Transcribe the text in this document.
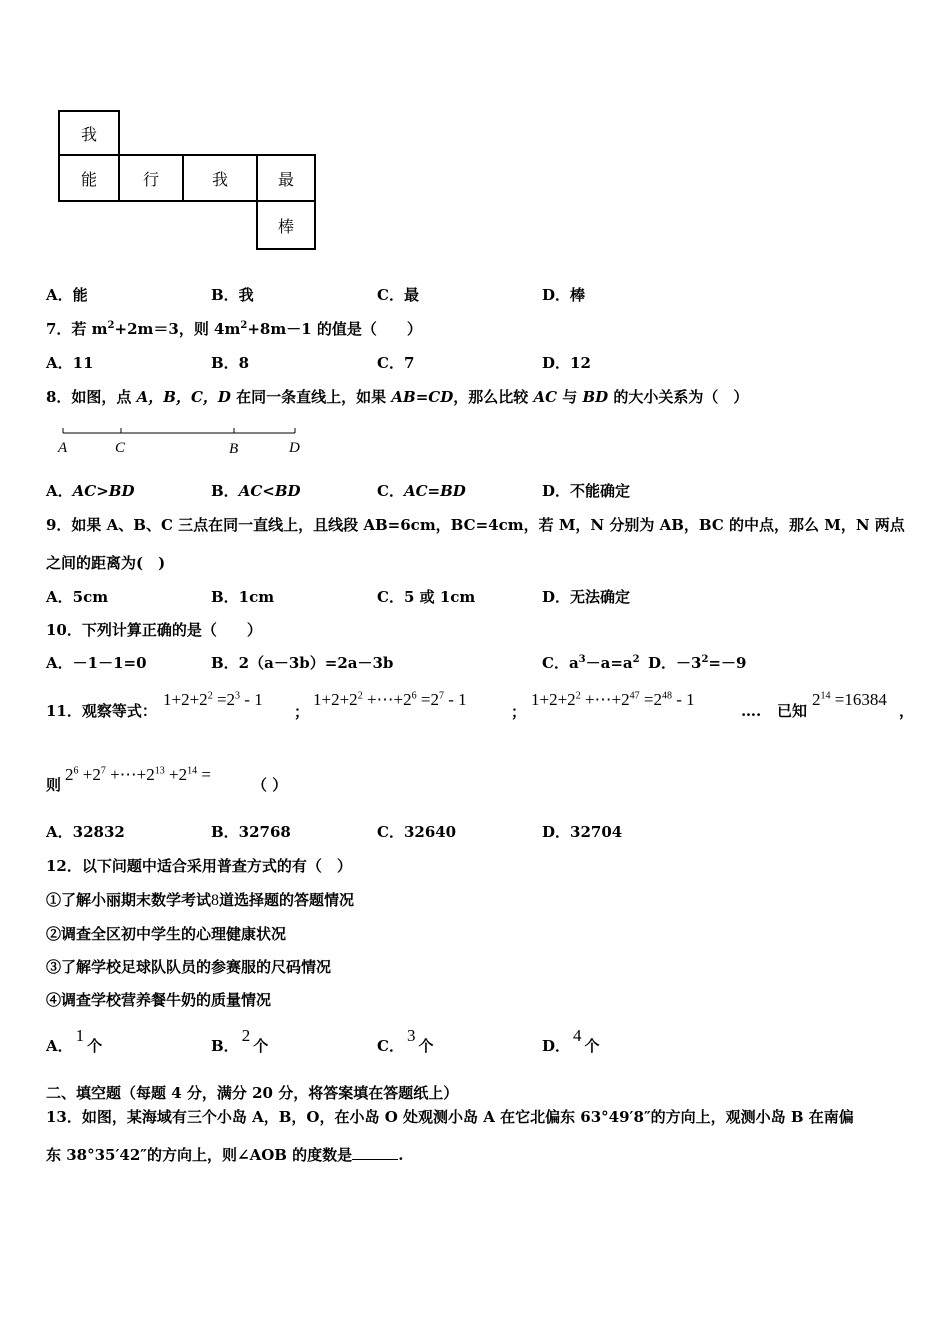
我
能	行	我	最
棒
A．能	B．我	C．最	D．棒
7．若 $m^2+2m=3$，则 $4m^2+8m-1$ 的值是（　　）
A．11	B．8	C．7	D．12
8．如图，点 A，B，C，D 在同一条直线上，如果 AB=CD，那么比较 AC 与 BD 的大小关系为（　）
A	C	B	D
A．AC>BD	B．AC<BD	C．AC=BD	D．不能确定
9．如果 A、B、C 三点在同一直线上，且线段 AB=6cm，BC=4cm，若 M，N 分别为 AB，BC 的中点，那么 M，N 两点
之间的距离为(　)
A．5cm	B．1cm	C．5 或 1cm	D．无法确定
10．下列计算正确的是（　　）
A．－1－1=0	B．2（a－3b）=2a－3b	C．$a^3-a=a^2$ D．$-3^2=-9$
11．观察等式：
$1+2+2^2 =2^3 - 1$
；
$1+2+2^2$ $+\cdots+2^6 =2^7 - 1$
；
$1+2+2^2$ $+\cdots+2^{47} =2^{48} - 1$
…. 已知
$2^{14} =16384$
，
则
$2^6 +2^7$ $+\cdots+2^{13} +2^{14}$ =
（ ）
A．32832	B．32768	C．32640	D．32704
12．以下问题中适合采用普查方式的有（　）
①了解小丽期末数学考试8道选择题的答题情况
②调查全区初中学生的心理健康状况
③了解学校足球队队员的参赛服的尺码情况
④调查学校营养餐牛奶的质量情况
A．1个	B．2个	C．3个	D．4个
二、填空题（每题 4 分，满分 20 分，将答案填在答题纸上）
13．如图，某海域有三个小岛 A，B，O，在小岛 O 处观测小岛 A 在它北偏东 63°49′8″的方向上，观测小岛 B 在南偏
东 38°35′42″的方向上，则∠AOB 的度数是	.
